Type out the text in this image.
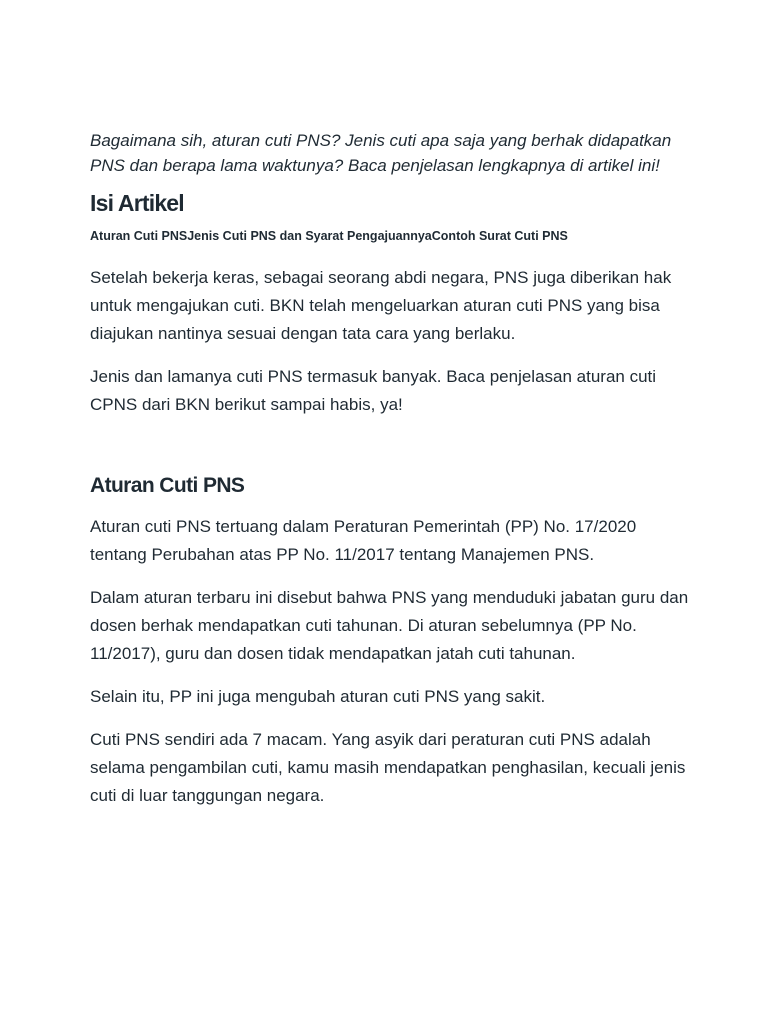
Bagaimana sih, aturan cuti PNS? Jenis cuti apa saja yang berhak didapatkan PNS dan berapa lama waktunya? Baca penjelasan lengkapnya di artikel ini!

Isi Artikel
Aturan Cuti PNSJenis Cuti PNS dan Syarat PengajuannyaContoh Surat Cuti PNS

Setelah bekerja keras, sebagai seorang abdi negara, PNS juga diberikan hak untuk mengajukan cuti. BKN telah mengeluarkan aturan cuti PNS yang bisa diajukan nantinya sesuai dengan tata cara yang berlaku.

Jenis dan lamanya cuti PNS termasuk banyak. Baca penjelasan aturan cuti CPNS dari BKN berikut sampai habis, ya!

Aturan Cuti PNS

Aturan cuti PNS tertuang dalam Peraturan Pemerintah (PP) No. 17/2020 tentang Perubahan atas PP No. 11/2017 tentang Manajemen PNS.

Dalam aturan terbaru ini disebut bahwa PNS yang menduduki jabatan guru dan dosen berhak mendapatkan cuti tahunan. Di aturan sebelumnya (PP No. 11/2017), guru dan dosen tidak mendapatkan jatah cuti tahunan.

Selain itu, PP ini juga mengubah aturan cuti PNS yang sakit.

Cuti PNS sendiri ada 7 macam. Yang asyik dari peraturan cuti PNS adalah selama pengambilan cuti, kamu masih mendapatkan penghasilan, kecuali jenis cuti di luar tanggungan negara.
